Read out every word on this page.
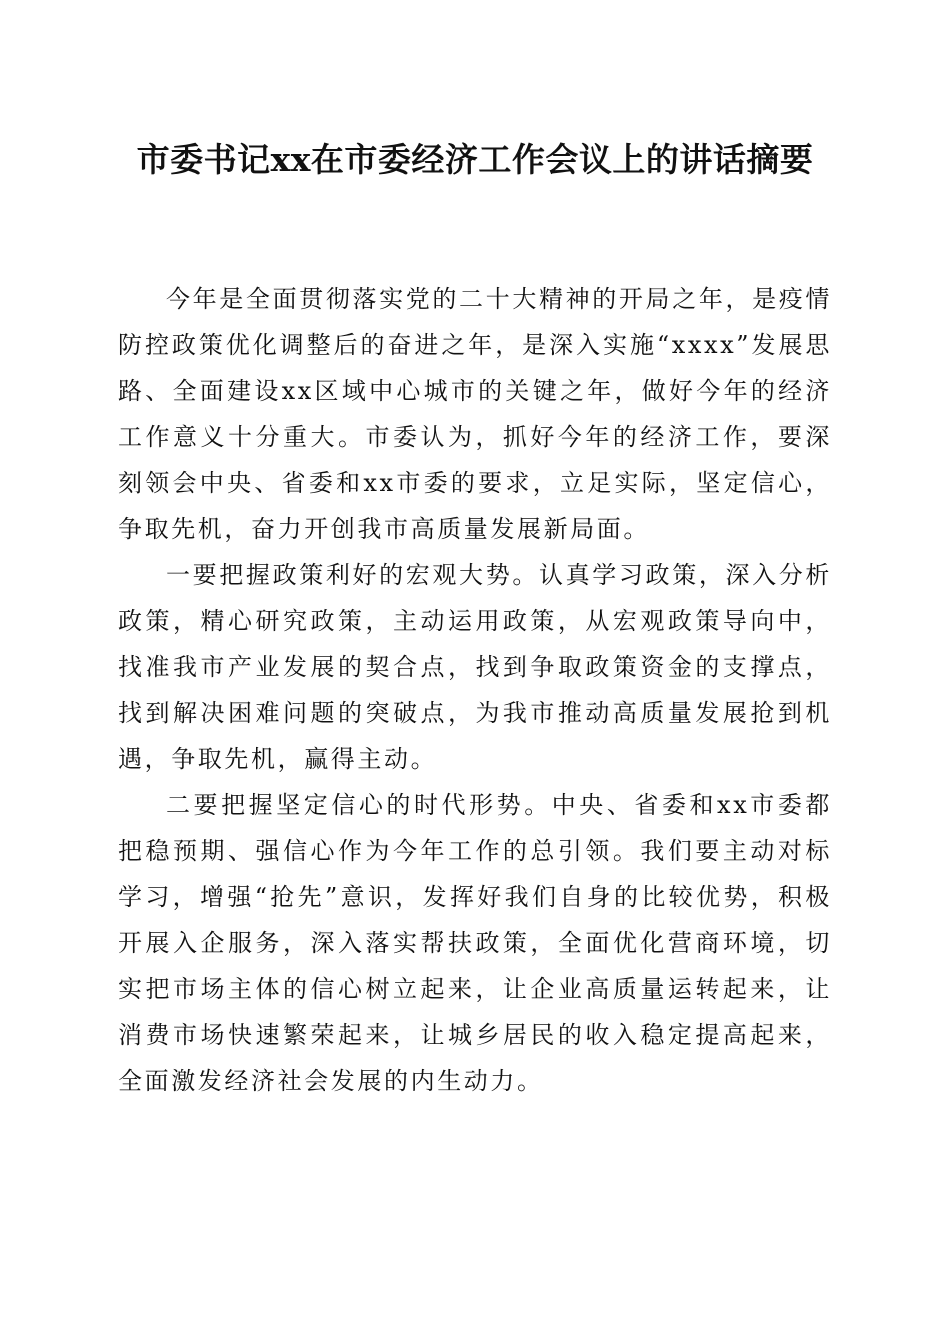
市委书记xx在市委经济工作会议上的讲话摘要

今年是全面贯彻落实党的二十大精神的开局之年，是疫情防控政策优化调整后的奋进之年，是深入实施“xxxx”发展思路、全面建设xx区域中心城市的关键之年，做好今年的经济工作意义十分重大。市委认为，抓好今年的经济工作，要深刻领会中央、省委和xx市委的要求，立足实际，坚定信心，争取先机，奋力开创我市高质量发展新局面。

一要把握政策利好的宏观大势。认真学习政策，深入分析政策，精心研究政策，主动运用政策，从宏观政策导向中，找准我市产业发展的契合点，找到争取政策资金的支撑点，找到解决困难问题的突破点，为我市推动高质量发展抢到机遇，争取先机，赢得主动。

二要把握坚定信心的时代形势。中央、省委和xx市委都把稳预期、强信心作为今年工作的总引领。我们要主动对标学习，增强“抢先”意识，发挥好我们自身的比较优势，积极开展入企服务，深入落实帮扶政策，全面优化营商环境，切实把市场主体的信心树立起来，让企业高质量运转起来，让消费市场快速繁荣起来，让城乡居民的收入稳定提高起来，全面激发经济社会发展的内生动力。
